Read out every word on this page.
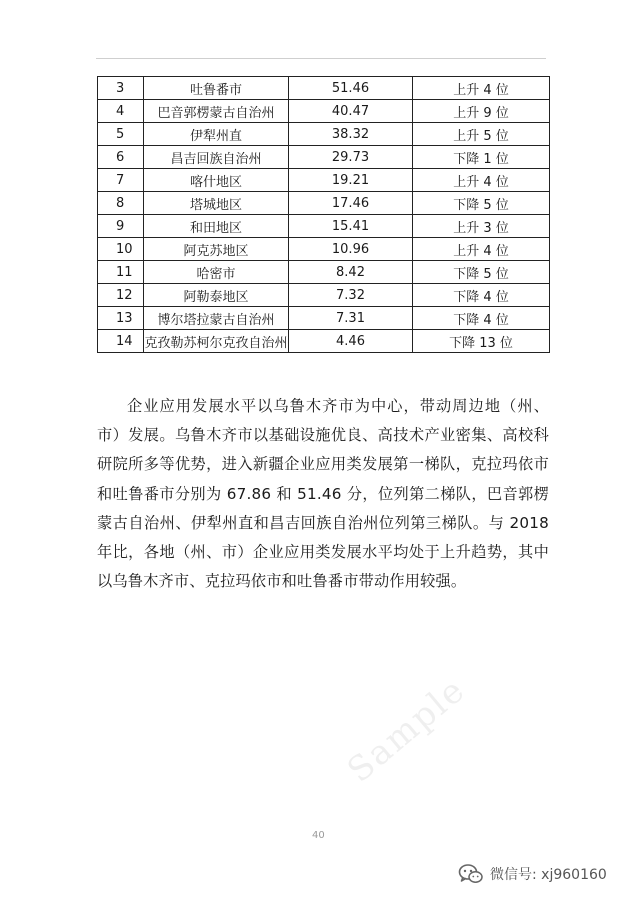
3	吐鲁番市	51.46	上升 4 位
4	巴音郭楞蒙古自治州	40.47	上升 9 位
5	伊犁州直	38.32	上升 5 位
6	昌吉回族自治州	29.73	下降 1 位
7	喀什地区	19.21	上升 4 位
8	塔城地区	17.46	下降 5 位
9	和田地区	15.41	上升 3 位
10	阿克苏地区	10.96	上升 4 位
11	哈密市	8.42	下降 5 位
12	阿勒泰地区	7.32	下降 4 位
13	博尔塔拉蒙古自治州	7.31	下降 4 位
14	克孜勒苏柯尔克孜自治州	4.46	下降 13 位
企业应用发展水平以乌鲁木齐市为中心，带动周边地（州、市）发展。乌鲁木齐市以基础设施优良、高技术产业密集、高校科研院所多等优势，进入新疆企业应用类发展第一梯队，克拉玛依市和吐鲁番市分别为 67.86 和 51.46 分，位列第二梯队，巴音郭楞蒙古自治州、伊犁州直和昌吉回族自治州位列第三梯队。与 2018 年比，各地（州、市）企业应用类发展水平均处于上升趋势，其中以乌鲁木齐市、克拉玛依市和吐鲁番市带动作用较强。
Sample
40
微信号: xj960160
